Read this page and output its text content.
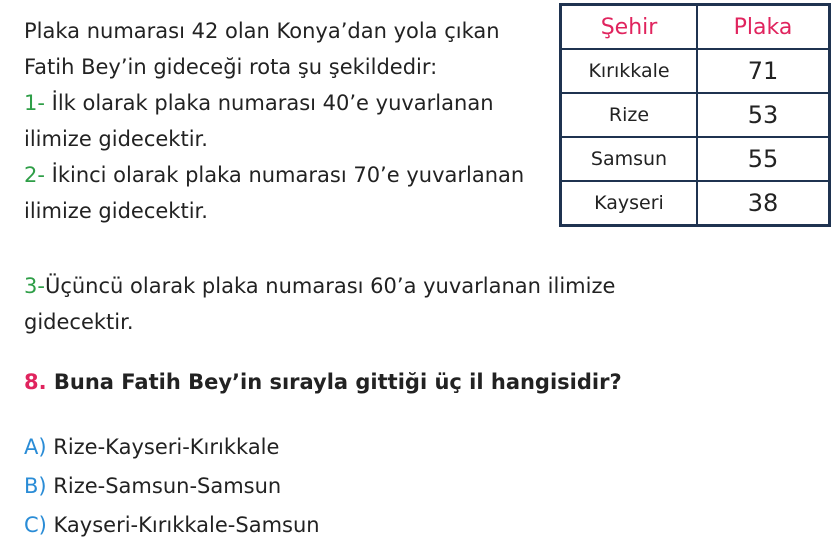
Plaka numarası 42 olan Konya’dan yola çıkan Fatih Bey’in gideceği rota şu şekildedir:
1- İlk olarak plaka numarası 40’e yuvarlanan ilimize gidecektir.
2- İkinci olarak plaka numarası 70’e yuvarlanan ilimize gidecektir.

3-Üçüncü olarak plaka numarası 60’a yuvarlanan ilimize gidecektir.

Şehir	Plaka
Kırıkkale	71
Rize	53
Samsun	55
Kayseri	38

8. Buna Fatih Bey’in sırayla gittiği üç il hangisidir?

A) Rize-Kayseri-Kırıkkale
B) Rize-Samsun-Samsun
C) Kayseri-Kırıkkale-Samsun
